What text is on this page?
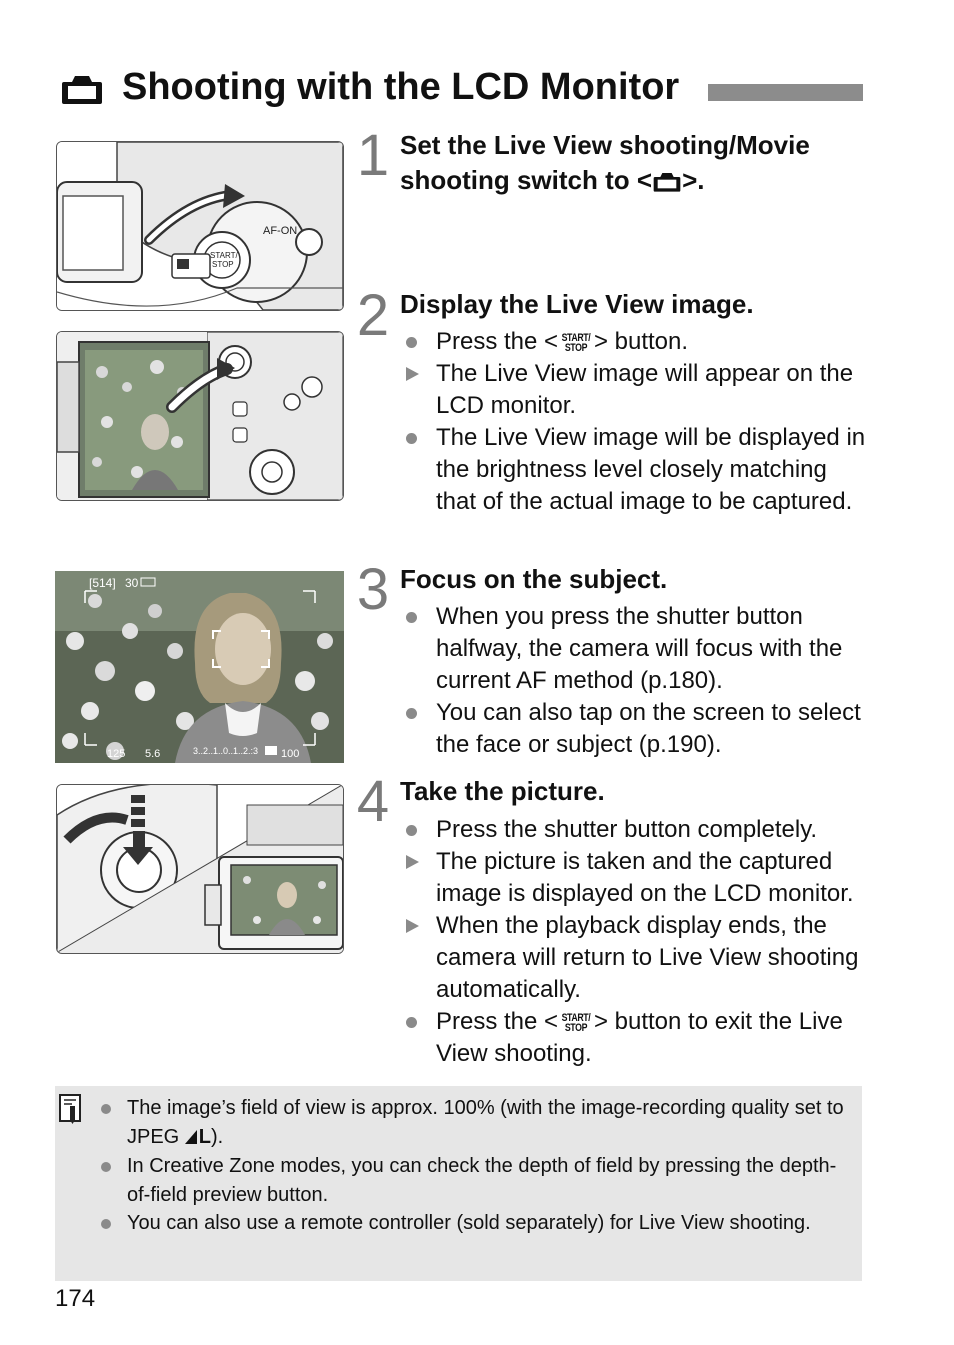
Shooting with the LCD Monitor
AF-ON
START/
STOP
1 Set the Live View shooting/Movie
shooting switch to < >.
2 Display the Live View image.
Press the < START/
STOP > button.
The Live View image will appear on the LCD monitor.
The Live View image will be displayed in the brightness level closely matching that of the actual image to be captured.
[514] 30
125 5.6	3..2..1..0..1..2.:3 100
3 Focus on the subject.
When you press the shutter button halfway, the camera will focus with the current AF method (p.180).
You can also tap on the screen to select the face or subject (p.190).
4 Take the picture.
Press the shutter button completely.
The picture is taken and the captured image is displayed on the LCD monitor.
When the playback display ends, the camera will return to Live View shooting automatically.
Press the < START/
STOP > button to exit the Live View shooting.
The image’s field of view is approx. 100% (with the image-recording quality set to JPEG L).
In Creative Zone modes, you can check the depth of field by pressing the depth-of-field preview button.
You can also use a remote controller (sold separately) for Live View shooting.
174
